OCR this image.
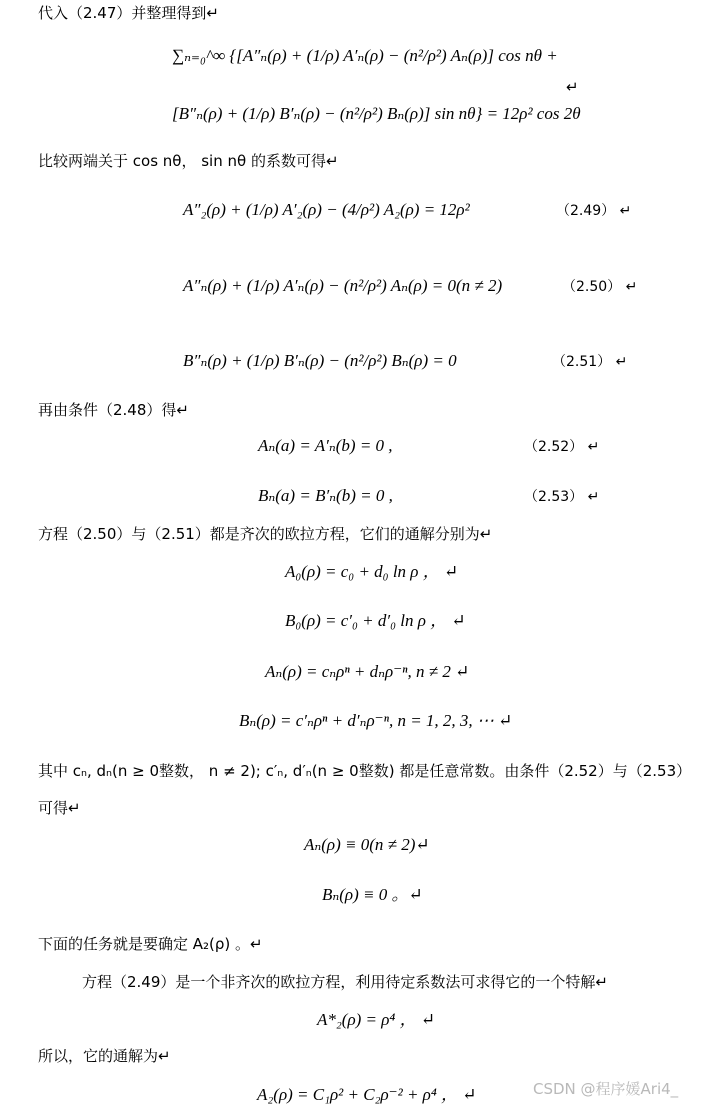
代入（2.47）并整理得到↵
∑ₙ₌₀^∞ {[A″ₙ(ρ) + (1/ρ) A′ₙ(ρ) − (n²/ρ²) Aₙ(ρ)] cos nθ +
↵
[B″ₙ(ρ) + (1/ρ) B′ₙ(ρ) − (n²/ρ²) Bₙ(ρ)] sin nθ} = 12ρ² cos 2θ
比较两端关于 cos nθ， sin nθ 的系数可得↵
A″₂(ρ) + (1/ρ) A′₂(ρ) − (4/ρ²) A₂(ρ) = 12ρ²	（2.49） ↵
A″ₙ(ρ) + (1/ρ) A′ₙ(ρ) − (n²/ρ²) Aₙ(ρ) = 0(n ≠ 2)	（2.50） ↵
B″ₙ(ρ) + (1/ρ) B′ₙ(ρ) − (n²/ρ²) Bₙ(ρ) = 0	（2.51） ↵
再由条件（2.48）得↵
Aₙ(a) = A′ₙ(b) = 0 ,	（2.52） ↵
Bₙ(a) = B′ₙ(b) = 0 ,	（2.53） ↵
方程（2.50）与（2.51）都是齐次的欧拉方程，它们的通解分别为↵
A₀(ρ) = c₀ + d₀ ln ρ ， ↵
B₀(ρ) = c′₀ + d′₀ ln ρ ， ↵
Aₙ(ρ) = cₙρⁿ + dₙρ⁻ⁿ, n ≠ 2 ↵
Bₙ(ρ) = c′ₙρⁿ + d′ₙρ⁻ⁿ, n = 1, 2, 3, ⋯ ↵
其中 cₙ, dₙ(n ≥ 0整数， n ≠ 2); c′ₙ, d′ₙ(n ≥ 0整数) 都是任意常数。由条件（2.52）与（2.53）
可得↵
Aₙ(ρ) ≡ 0(n ≠ 2)↵
Bₙ(ρ) ≡ 0 。↵
下面的任务就是要确定 A₂(ρ) 。↵
方程（2.49）是一个非齐次的欧拉方程，利用待定系数法可求得它的一个特解↵
A*₂(ρ) = ρ⁴ ， ↵
所以，它的通解为↵
A₂(ρ) = C₁ρ² + C₂ρ⁻² + ρ⁴ ， ↵	CSDN @程序媛Ari4_
